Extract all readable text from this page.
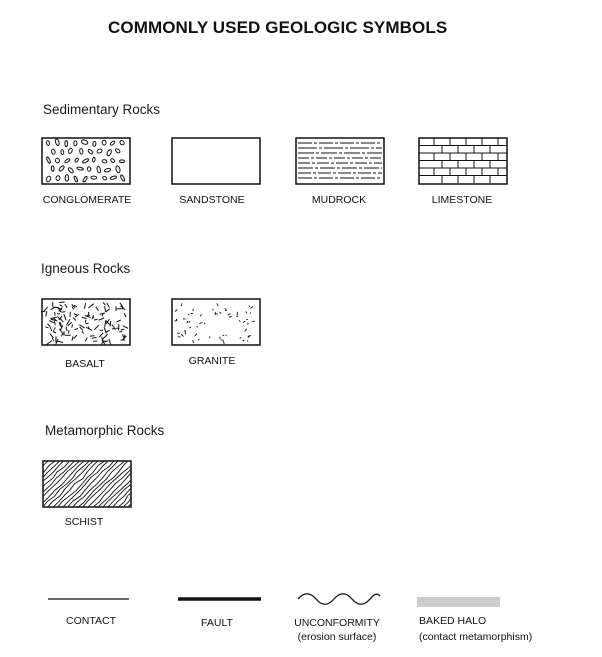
COMMONLY USED GEOLOGIC SYMBOLS
Sedimentary Rocks
CONGLOMERATE	SANDSTONE	MUDROCK	LIMESTONE
Igneous Rocks
BASALT	GRANITE
Metamorphic Rocks
SCHIST
CONTACT	FAULT	UNCONFORMITY
(erosion surface)
BAKED HALO
(contact metamorphism)
